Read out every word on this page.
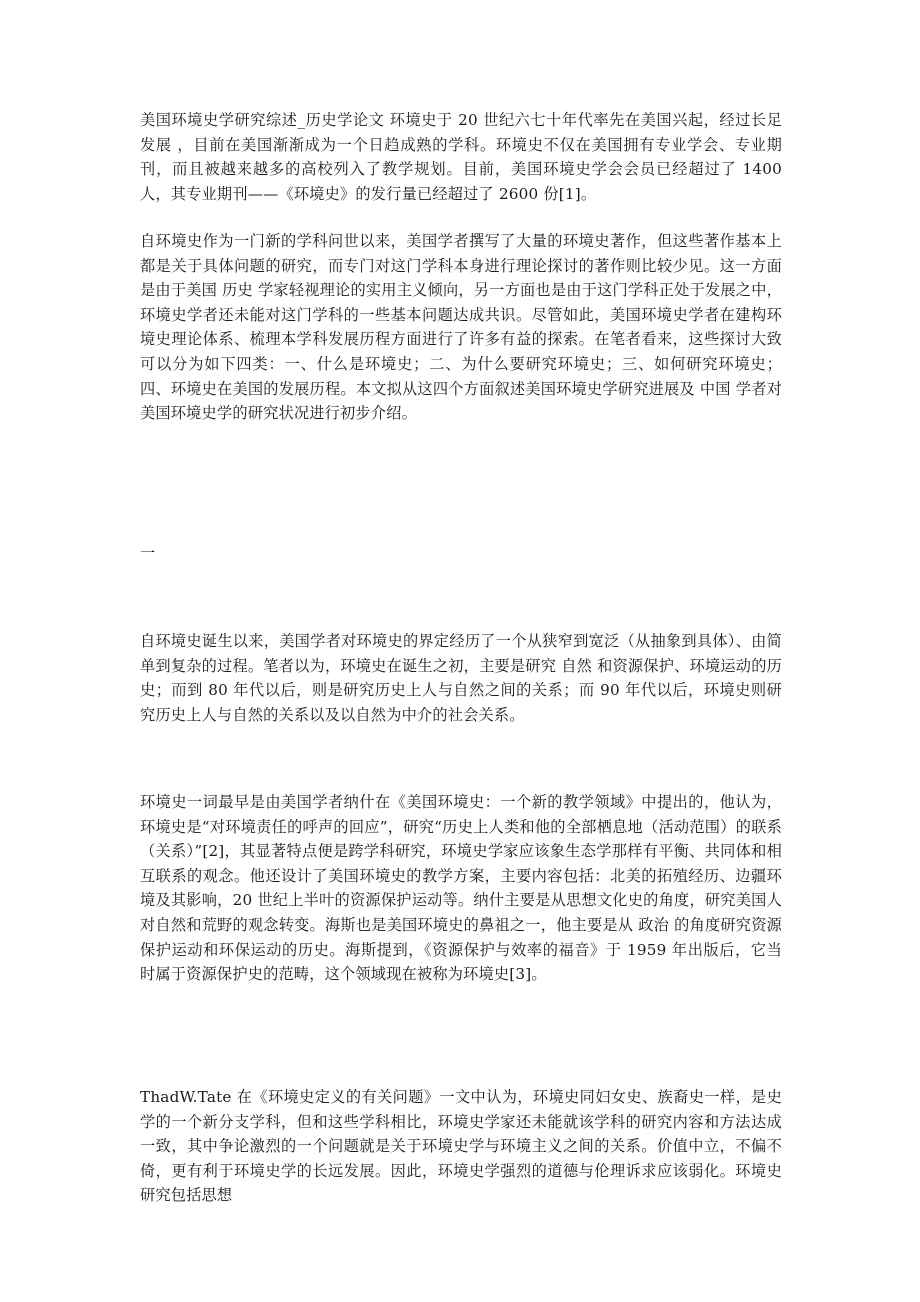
美国环境史学研究综述_历史学论文 环境史于 20 世纪六七十年代率先在美国兴起，经过长足 发展 ，目前在美国渐渐成为一个日趋成熟的学科。环境史不仅在美国拥有专业学会、专业期刊，而且被越来越多的高校列入了教学规划。目前，美国环境史学会会员已经超过了 1400 人，其专业期刊——《环境史》的发行量已经超过了 2600 份[1]。

自环境史作为一门新的学科问世以来，美国学者撰写了大量的环境史著作，但这些著作基本上都是关于具体问题的研究，而专门对这门学科本身进行理论探讨的著作则比较少见。这一方面是由于美国 历史 学家轻视理论的实用主义倾向，另一方面也是由于这门学科正处于发展之中，环境史学者还未能对这门学科的一些基本问题达成共识。尽管如此，美国环境史学者在建构环境史理论体系、梳理本学科发展历程方面进行了许多有益的探索。在笔者看来，这些探讨大致可以分为如下四类：一、什么是环境史；二、为什么要研究环境史；三、如何研究环境史；四、环境史在美国的发展历程。本文拟从这四个方面叙述美国环境史学研究进展及 中国 学者对美国环境史学的研究状况进行初步介绍。

一

自环境史诞生以来，美国学者对环境史的界定经历了一个从狭窄到宽泛（从抽象到具体）、由简单到复杂的过程。笔者以为，环境史在诞生之初，主要是研究 自然 和资源保护、环境运动的历史；而到 80 年代以后，则是研究历史上人与自然之间的关系；而 90 年代以后，环境史则研究历史上人与自然的关系以及以自然为中介的社会关系。

环境史一词最早是由美国学者纳什在《美国环境史：一个新的教学领域》中提出的，他认为，环境史是“对环境责任的呼声的回应”，研究“历史上人类和他的全部栖息地（活动范围）的联系（关系）”[2]，其显著特点便是跨学科研究，环境史学家应该象生态学那样有平衡、共同体和相互联系的观念。他还设计了美国环境史的教学方案，主要内容包括：北美的拓殖经历、边疆环境及其影响，20 世纪上半叶的资源保护运动等。纳什主要是从思想文化史的角度，研究美国人对自然和荒野的观念转变。海斯也是美国环境史的鼻祖之一，他主要是从 政治 的角度研究资源保护运动和环保运动的历史。海斯提到，《资源保护与效率的福音》于 1959 年出版后，它当时属于资源保护史的范畴，这个领域现在被称为环境史[3]。

ThadW.Tate 在《环境史定义的有关问题》一文中认为，环境史同妇女史、族裔史一样，是史学的一个新分支学科，但和这些学科相比，环境史学家还未能就该学科的研究内容和方法达成一致，其中争论激烈的一个问题就是关于环境史学与环境主义之间的关系。价值中立，不偏不倚，更有利于环境史学的长远发展。因此，环境史学强烈的道德与伦理诉求应该弱化。环境史研究包括思想
